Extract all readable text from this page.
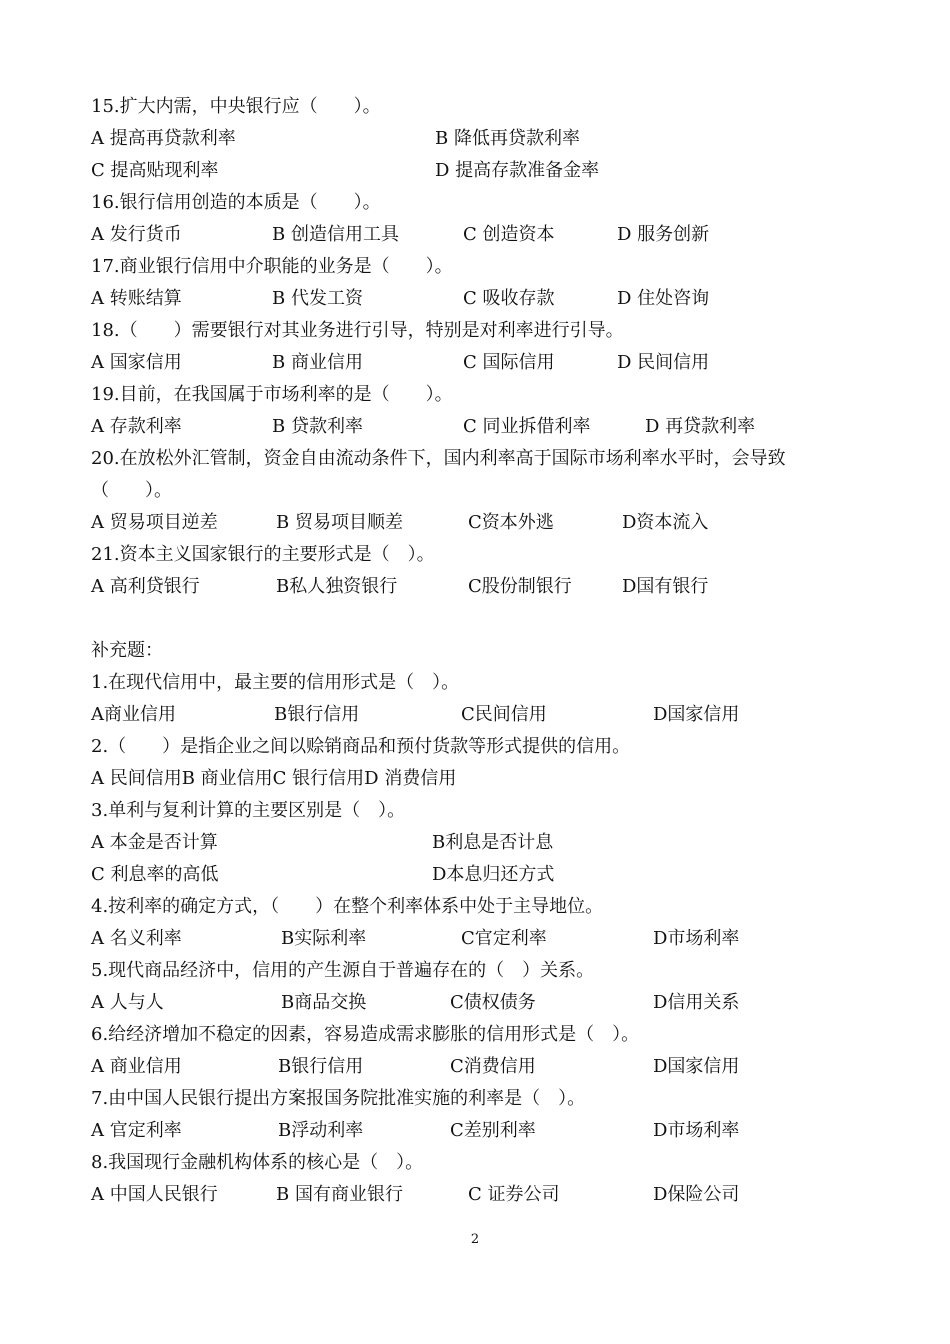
15.扩大内需，中央银行应（　　）。
A 提高再贷款利率	B 降低再贷款利率
C 提高贴现利率	D 提高存款准备金率
16.银行信用创造的本质是（　　）。
A 发行货币	B 创造信用工具	C 创造资本	D 服务创新
17.商业银行信用中介职能的业务是（　　）。
A 转账结算	B 代发工资	C 吸收存款	D 住处咨询
18.（　　）需要银行对其业务进行引导，特别是对利率进行引导。
A 国家信用	B 商业信用	C 国际信用	D 民间信用
19.目前，在我国属于市场利率的是（　　）。
A 存款利率	B 贷款利率	C 同业拆借利率	D 再贷款利率
20.在放松外汇管制，资金自由流动条件下，国内利率高于国际市场利率水平时，会导致
（　　）。
A 贸易项目逆差	B 贸易项目顺差	C资本外逃	D资本流入
21.资本主义国家银行的主要形式是（　）。
A 高利贷银行	B私人独资银行	C股份制银行	D国有银行
补充题：
1.在现代信用中，最主要的信用形式是（　）。
A商业信用	B银行信用	C民间信用	D国家信用
2.（　　）是指企业之间以赊销商品和预付货款等形式提供的信用。
A 民间信用B 商业信用C 银行信用D 消费信用
3.单利与复利计算的主要区别是（　）。
A 本金是否计算	B利息是否计息
C 利息率的高低	D本息归还方式
4.按利率的确定方式，（　　）在整个利率体系中处于主导地位。
A 名义利率	B实际利率	C官定利率	D市场利率
5.现代商品经济中，信用的产生源自于普遍存在的（　）关系。
A 人与人	B商品交换	C债权债务	D信用关系
6.给经济增加不稳定的因素，容易造成需求膨胀的信用形式是（　）。
A 商业信用	B银行信用	C消费信用	D国家信用
7.由中国人民银行提出方案报国务院批准实施的利率是（　）。
A 官定利率	B浮动利率	C差别利率	D市场利率
8.我国现行金融机构体系的核心是（　）。
A 中国人民银行	B 国有商业银行	C 证券公司	D保险公司
2
